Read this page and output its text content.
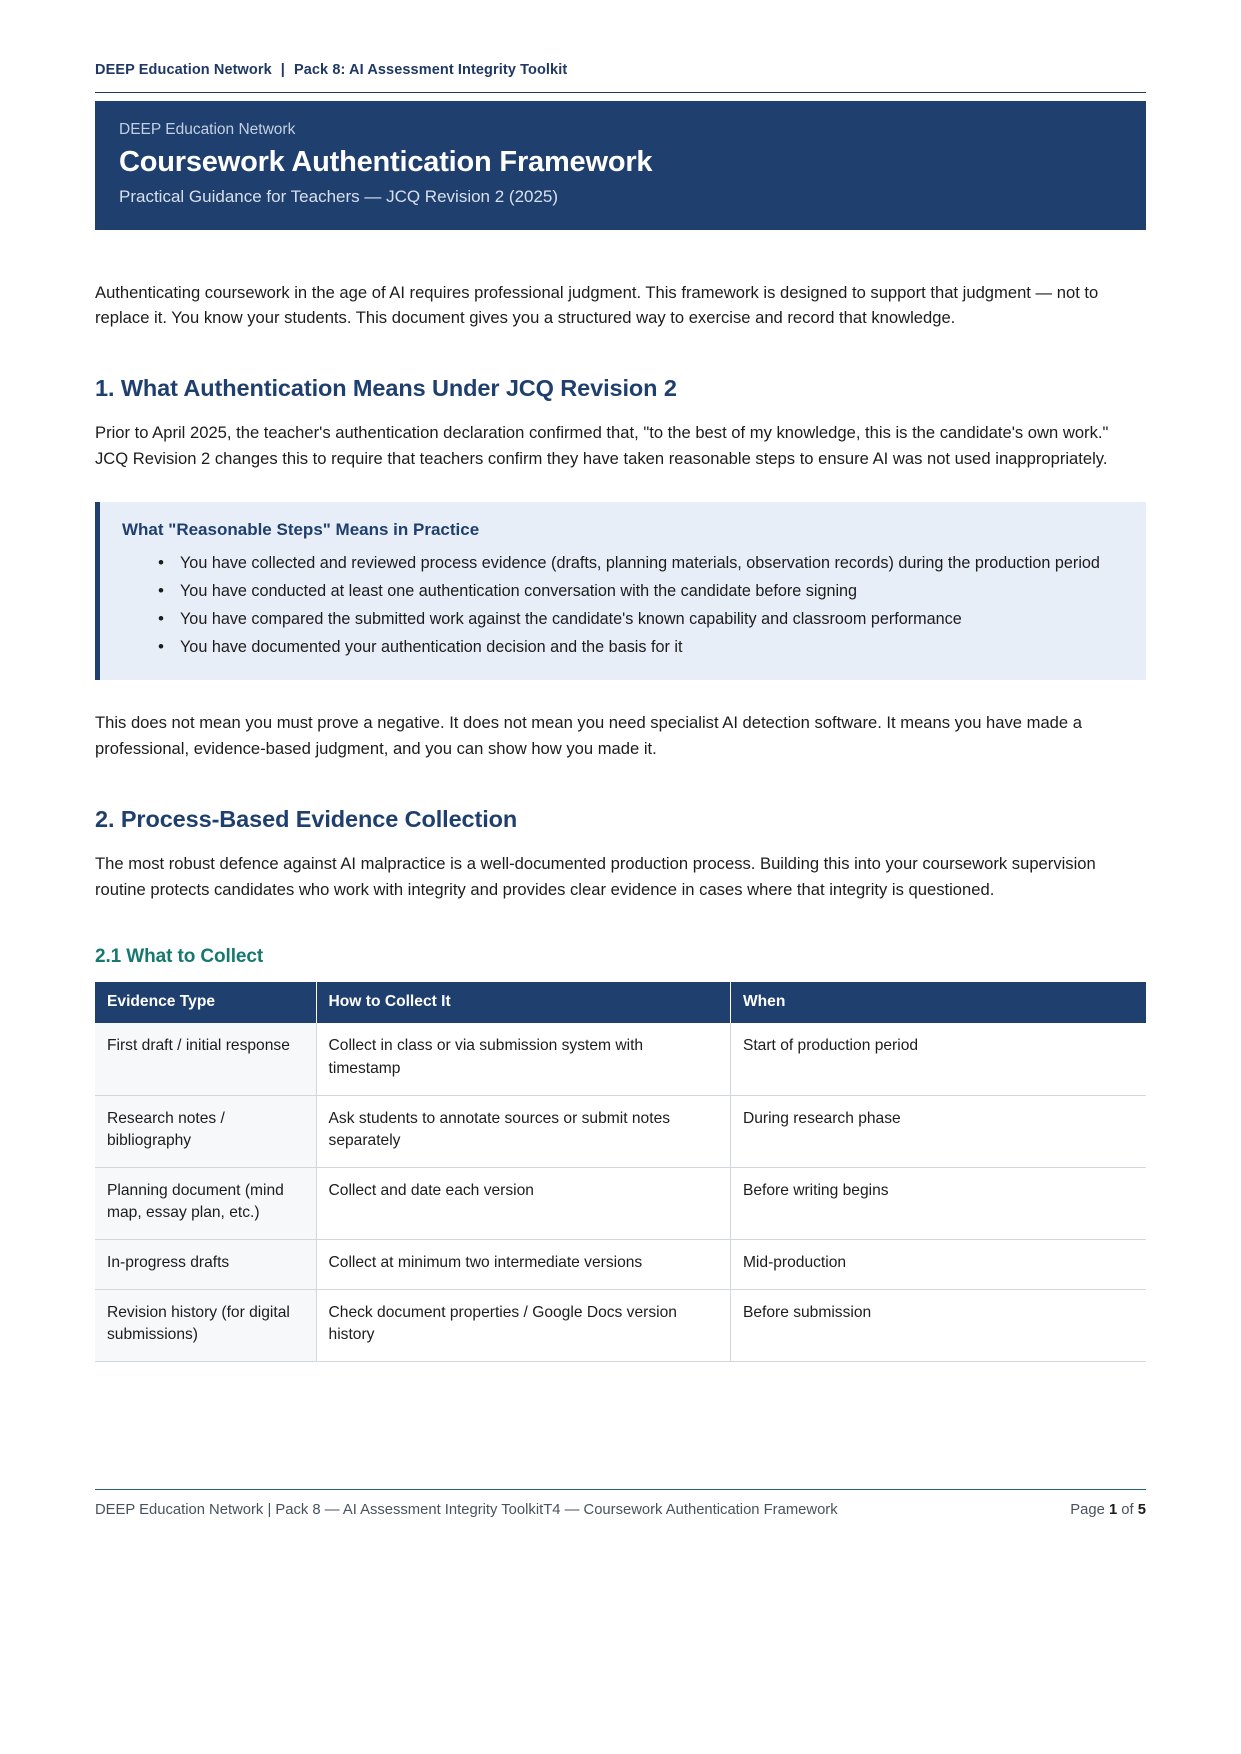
DEEP Education Network | Pack 8: AI Assessment Integrity Toolkit
DEEP Education Network
Coursework Authentication Framework
Practical Guidance for Teachers — JCQ Revision 2 (2025)

Authenticating coursework in the age of AI requires professional judgment. This framework is designed to support that judgment — not to replace it. You know your students. This document gives you a structured way to exercise and record that knowledge.

1. What Authentication Means Under JCQ Revision 2

Prior to April 2025, the teacher's authentication declaration confirmed that, "to the best of my knowledge, this is the candidate's own work." JCQ Revision 2 changes this to require that teachers confirm they have taken reasonable steps to ensure AI was not used inappropriately.

What "Reasonable Steps" Means in Practice
• You have collected and reviewed process evidence (drafts, planning materials, observation records) during the production period
• You have conducted at least one authentication conversation with the candidate before signing
• You have compared the submitted work against the candidate's known capability and classroom performance
• You have documented your authentication decision and the basis for it

This does not mean you must prove a negative. It does not mean you need specialist AI detection software. It means you have made a professional, evidence-based judgment, and you can show how you made it.

2. Process-Based Evidence Collection

The most robust defence against AI malpractice is a well-documented production process. Building this into your coursework supervision routine protects candidates who work with integrity and provides clear evidence in cases where that integrity is questioned.

2.1 What to Collect
Evidence Type	How to Collect It	When
First draft / initial response	Collect in class or via submission system with timestamp	Start of production period
Research notes / bibliography	Ask students to annotate sources or submit notes separately	During research phase
Planning document (mind map, essay plan, etc.)	Collect and date each version	Before writing begins
In-progress drafts	Collect at minimum two intermediate versions	Mid-production
Revision history (for digital submissions)	Check document properties / Google Docs version history	Before submission
DEEP Education Network | Pack 8 — AI Assessment Integrity ToolkitT4 — Coursework Authentication Framework	Page 1 of 5
